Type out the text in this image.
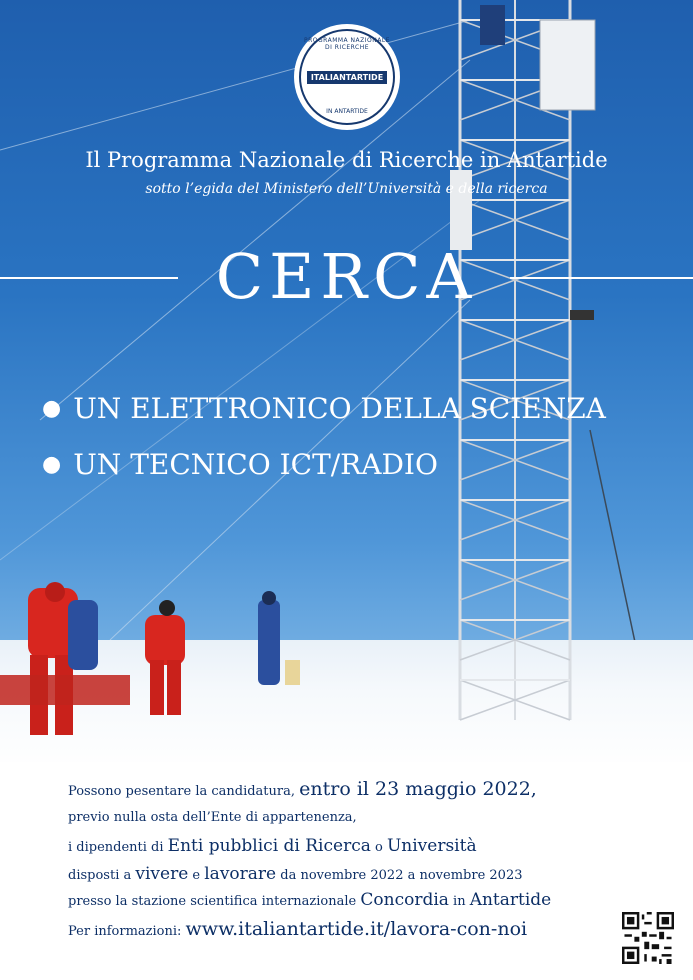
PROGRAMMA NAZIONALE DI RICERCHE
ITALIANTARTIDE
IN ANTARTIDE
Il Programma Nazionale di Ricerche in Antartide
sotto l’egida del Ministero dell’Università e della ricerca
CERCA
● UN ELETTRONICO DELLA SCIENZA
● UN TECNICO ICT/RADIO
Possono pesentare la candidatura, entro il 23 maggio 2022,
previo nulla osta dell’Ente di appartenenza,
i dipendenti di Enti pubblici di Ricerca o Università
disposti a vivere e lavorare da novembre 2022 a novembre 2023
presso la stazione scientifica internazionale Concordia in Antartide
Per informazioni: www.italiantartide.it/lavora-con-noi
